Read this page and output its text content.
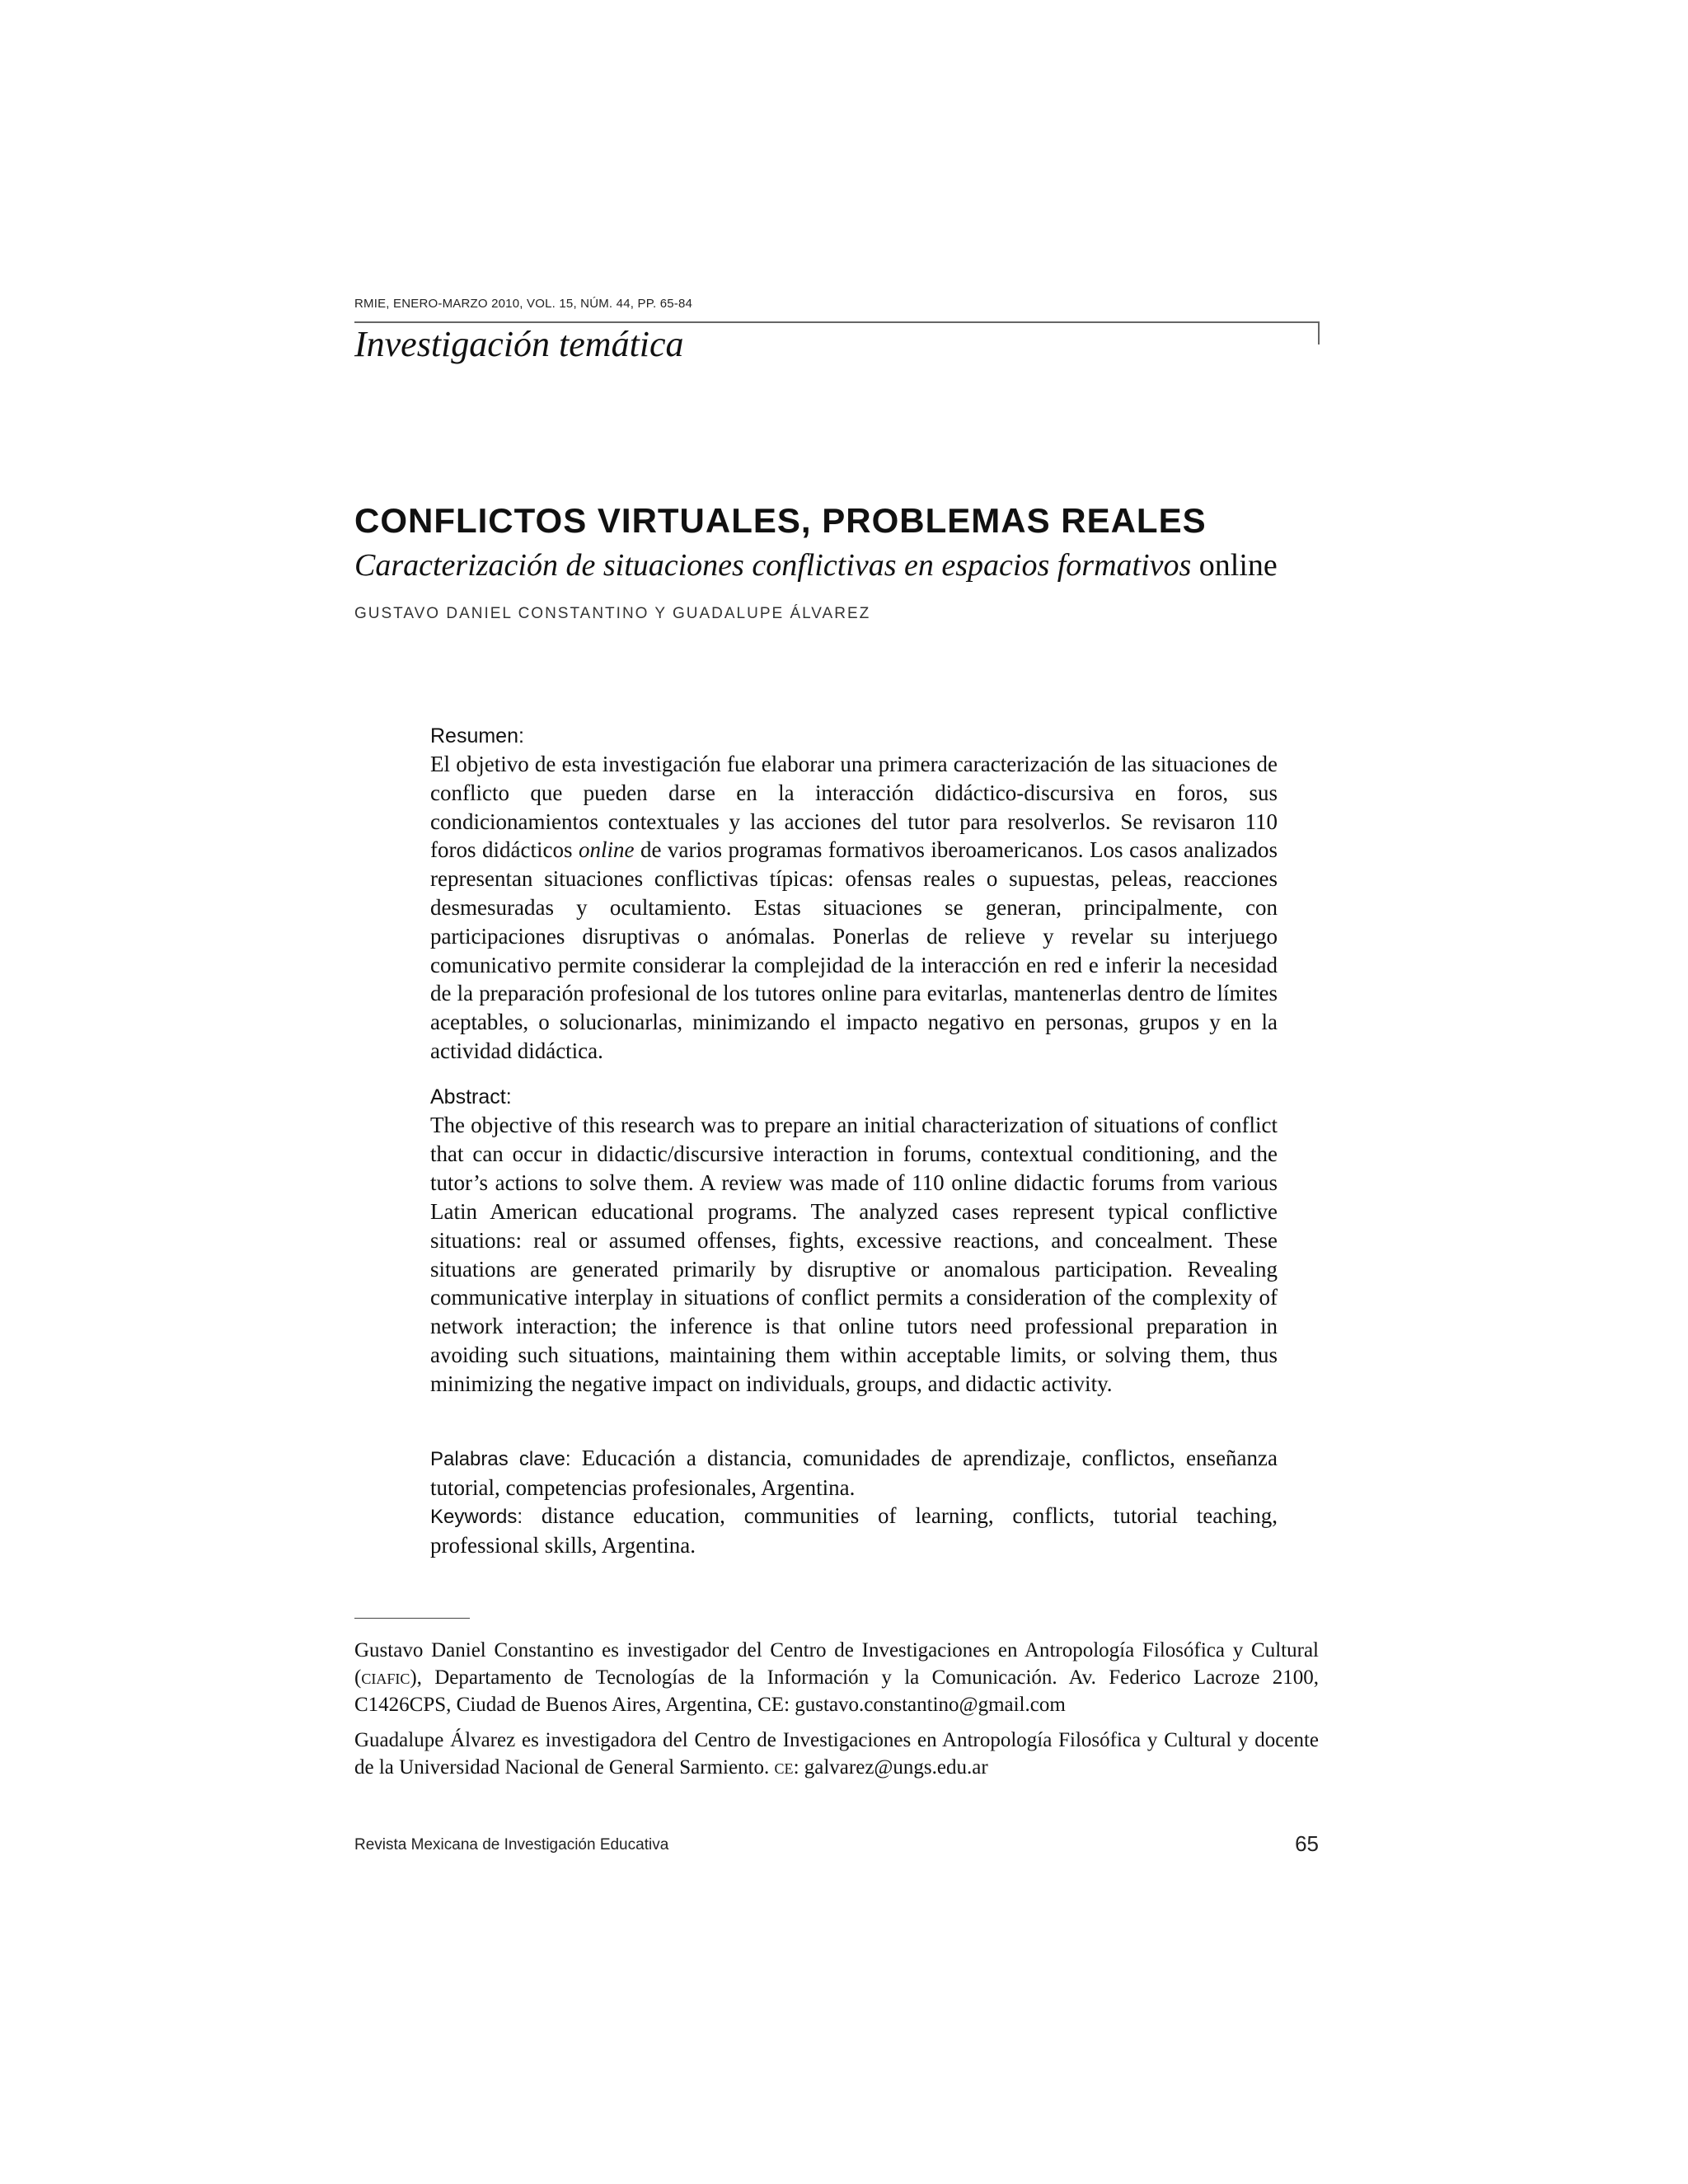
RMIE, ENERO-MARZO 2010, VOL. 15, NÚM. 44, PP. 65-84
Investigación temática
CONFLICTOS VIRTUALES, PROBLEMAS REALES
Caracterización de situaciones conflictivas en espacios formativos online
GUSTAVO DANIEL CONSTANTINO Y GUADALUPE ÁLVAREZ

Resumen:

El objetivo de esta investigación fue elaborar una primera caracterización de las situaciones de conflicto que pueden darse en la interacción didáctico-discursiva en foros, sus condicionamientos contextuales y las acciones del tutor para resolverlos. Se revisaron 110 foros didácticos online de varios programas formativos iberoamericanos. Los casos analizados representan situaciones conflictivas típicas: ofensas reales o supuestas, peleas, reacciones desmesuradas y ocultamiento. Estas situaciones se generan, principalmente, con participaciones disruptivas o anómalas. Ponerlas de relieve y revelar su interjuego comunicativo permite considerar la complejidad de la interacción en red e inferir la necesidad de la preparación profesional de los tutores online para evitarlas, mantenerlas dentro de límites aceptables, o solucionarlas, minimizando el impacto negativo en personas, grupos y en la actividad didáctica.

Abstract:

The objective of this research was to prepare an initial characterization of situations of conflict that can occur in didactic/discursive interaction in forums, contextual conditioning, and the tutor’s actions to solve them. A review was made of 110 online didactic forums from various Latin American educational programs. The analyzed cases represent typical conflictive situations: real or assumed offenses, fights, excessive reactions, and concealment. These situations are generated primarily by disruptive or anomalous participation. Revealing communicative interplay in situations of conflict permits a consideration of the complexity of network interaction; the inference is that online tutors need professional preparation in avoiding such situations, maintaining them within acceptable limits, or solving them, thus minimizing the negative impact on individuals, groups, and didactic activity.

Palabras clave: Educación a distancia, comunidades de aprendizaje, conflictos, enseñanza tutorial, competencias profesionales, Argentina.

Keywords: distance education, communities of learning, conflicts, tutorial teaching, professional skills, Argentina.

Gustavo Daniel Constantino es investigador del Centro de Investigaciones en Antropología Filosófica y Cultural (ciafic), Departamento de Tecnologías de la Información y la Comunicación. Av. Federico Lacroze 2100, C1426CPS, Ciudad de Buenos Aires, Argentina, CE: gustavo.constantino@gmail.com

Guadalupe Álvarez es investigadora del Centro de Investigaciones en Antropología Filosófica y Cultural y docente de la Universidad Nacional de General Sarmiento. ce: galvarez@ungs.edu.ar

Revista Mexicana de Investigación Educativa	65
